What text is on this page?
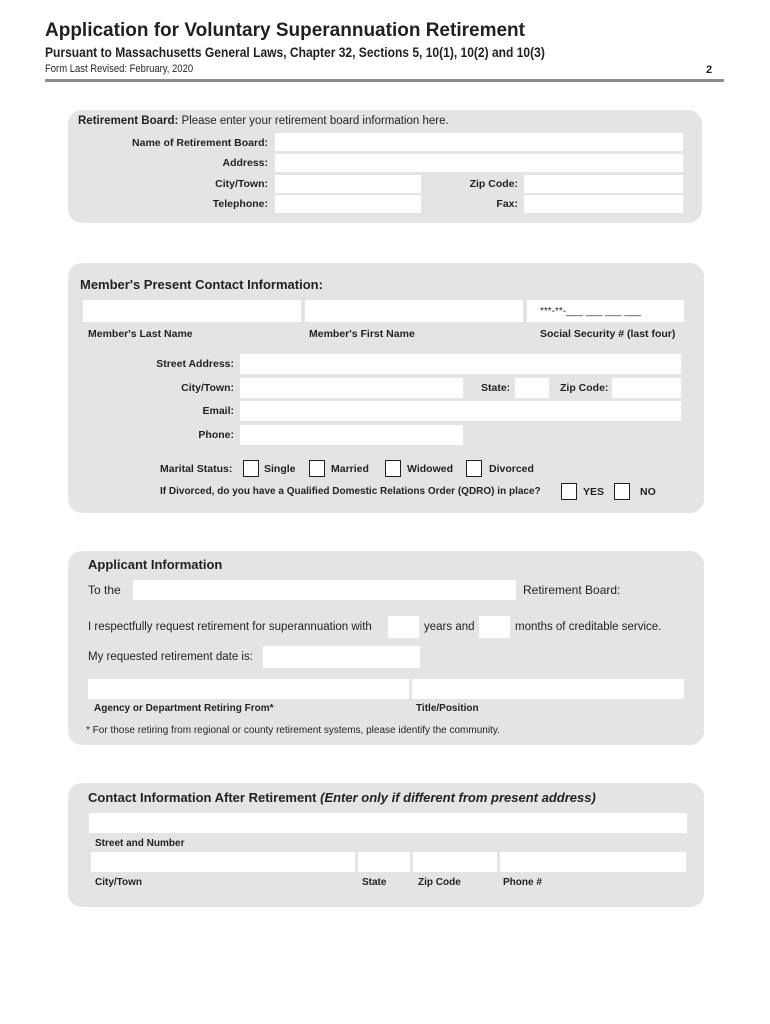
Application for Voluntary Superannuation Retirement
Pursuant to Massachusetts General Laws, Chapter 32, Sections 5, 10(1), 10(2) and 10(3)
Form Last Revised: February, 2020	2
Retirement Board: Please enter your retirement board information here.
Name of Retirement Board:
Address:
City/Town:	Zip Code:
Telephone:	Fax:
Member's Present Contact Information:
***-**-___ ___ ___ ___
Member's Last Name	Member's First Name	Social Security # (last four)
Street Address:
City/Town:	State:	Zip Code:
Email:
Phone:
Marital Status:	Single	Married	Widowed	Divorced
If Divorced, do you have a Qualified Domestic Relations Order (QDRO) in place?	YES	NO
Applicant Information
To the	Retirement Board:
I respectfully request retirement for superannuation with	years and	months of creditable service.
My requested retirement date is:
Agency or Department Retiring From*	Title/Position
* For those retiring from regional or county retirement systems, please identify the community.
Contact Information After Retirement (Enter only if different from present address)
Street and Number
City/Town	State	Zip Code	Phone #
